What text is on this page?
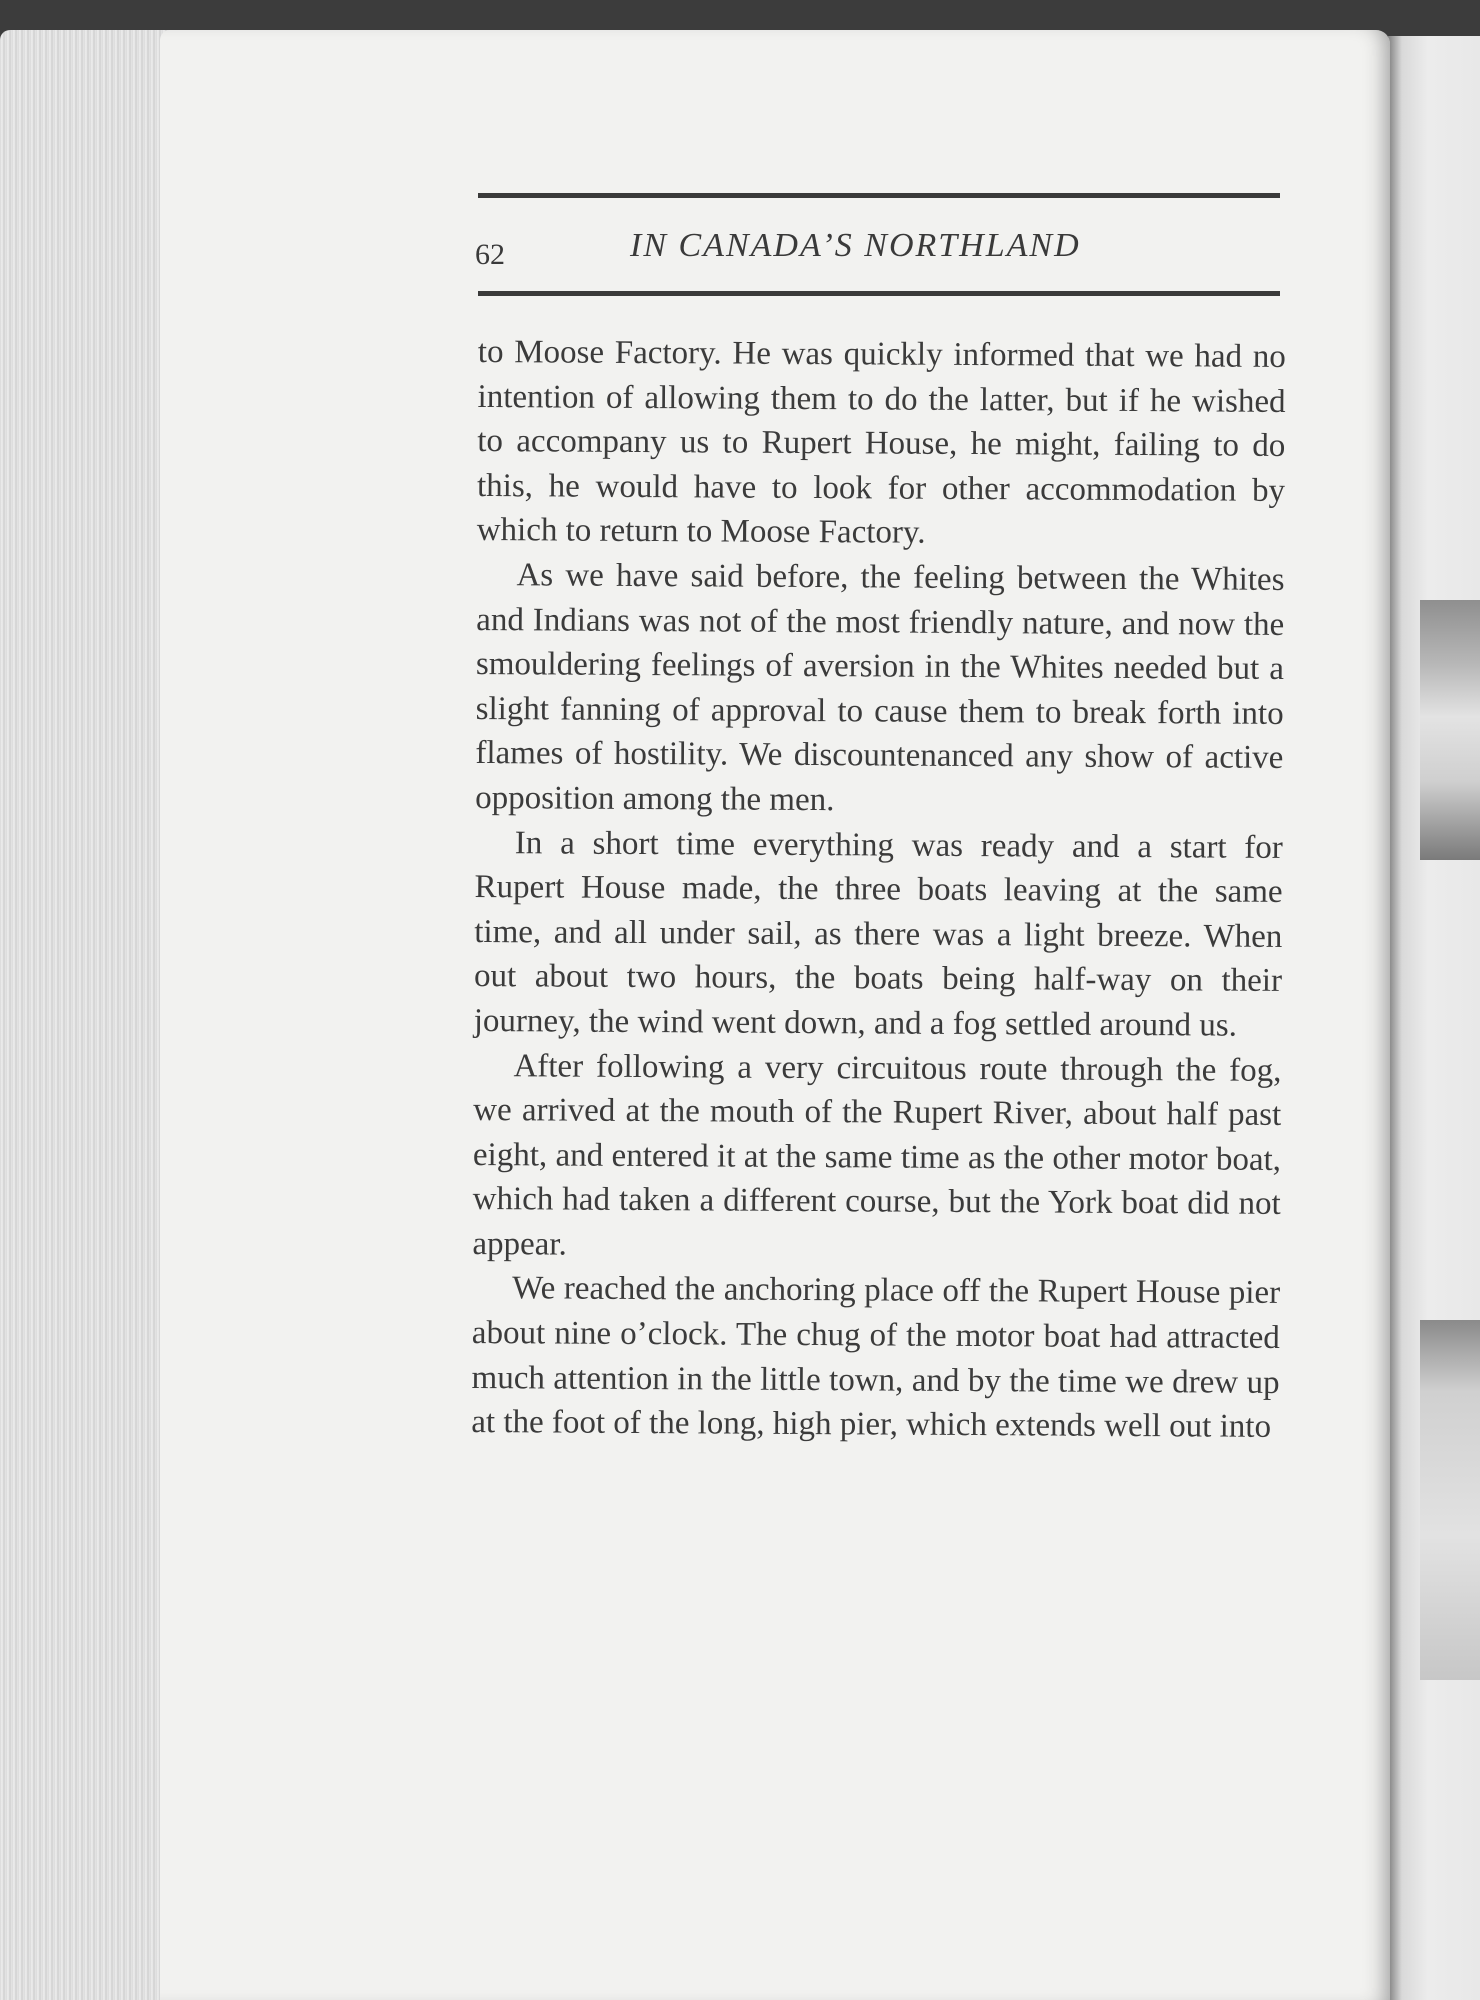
62	IN CANADA’S NORTHLAND

to Moose Factory. He was quickly informed that we had no intention of allowing them to do the latter, but if he wished to accompany us to Rupert House, he might, failing to do this, he would have to look for other accommodation by which to return to Moose Factory.

As we have said before, the feeling between the Whites and Indians was not of the most friendly nature, and now the smouldering feelings of aversion in the Whites needed but a slight fanning of approval to cause them to break forth into flames of hostility. We discountenanced any show of active opposition among the men.

In a short time everything was ready and a start for Rupert House made, the three boats leaving at the same time, and all under sail, as there was a light breeze. When out about two hours, the boats being half-way on their journey, the wind went down, and a fog settled around us.

After following a very circuitous route through the fog, we arrived at the mouth of the Rupert River, about half past eight, and entered it at the same time as the other motor boat, which had taken a different course, but the York boat did not appear.

We reached the anchoring place off the Rupert House pier about nine o’clock. The chug of the motor boat had attracted much attention in the little town, and by the time we drew up at the foot of the long, high pier, which extends well out into
